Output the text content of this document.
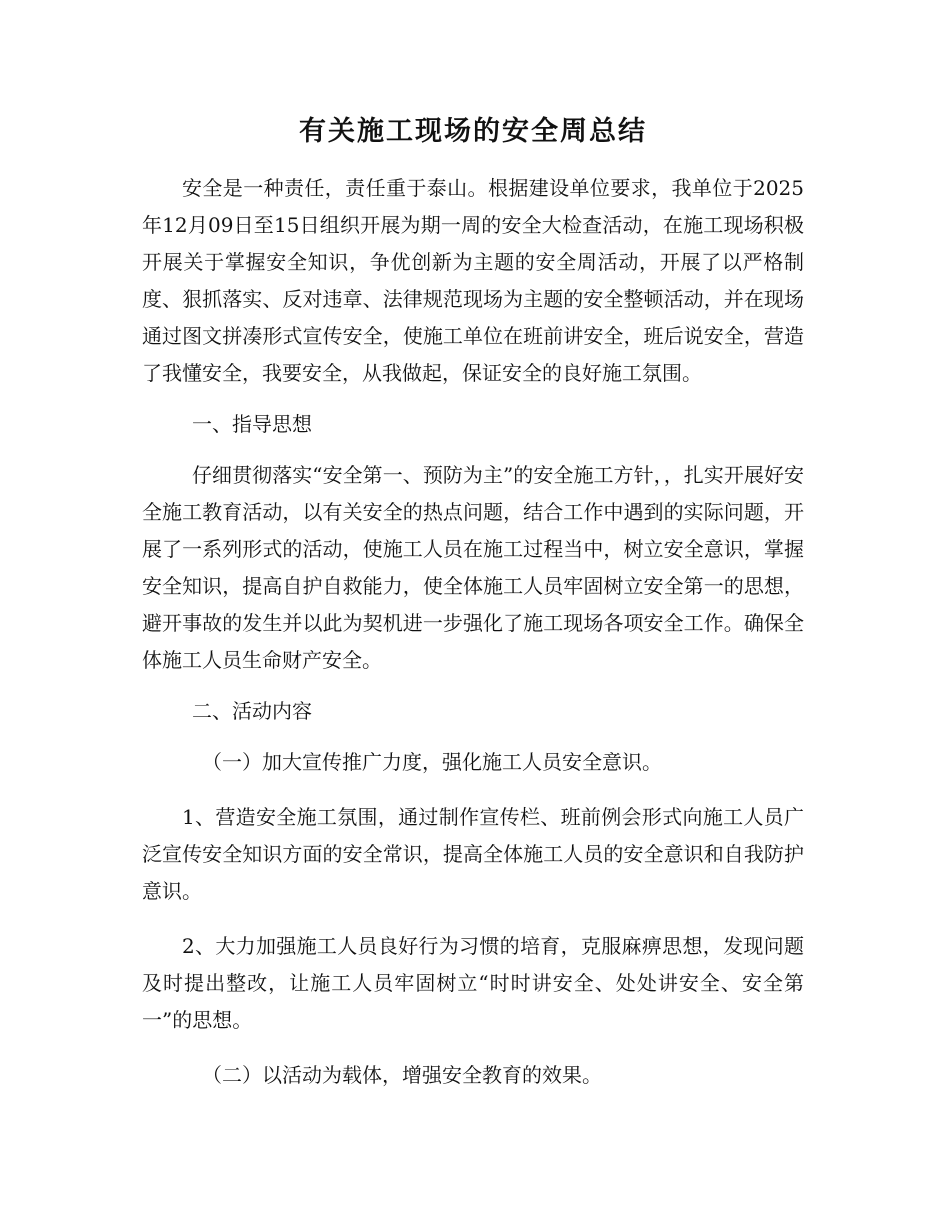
有关施工现场的安全周总结

安全是一种责任，责任重于泰山。根据建设单位要求，我单位于2025年12月09日至15日组织开展为期一周的安全大检查活动，在施工现场积极开展关于掌握安全知识，争优创新为主题的安全周活动，开展了以严格制度、狠抓落实、反对违章、法律规范现场为主题的安全整顿活动，并在现场通过图文拼凑形式宣传安全，使施工单位在班前讲安全，班后说安全，营造了我懂安全，我要安全，从我做起，保证安全的良好施工氛围。

一、指导思想

仔细贯彻落实“安全第一、预防为主”的安全施工方针，，扎实开展好安全施工教育活动，以有关安全的热点问题，结合工作中遇到的实际问题，开展了一系列形式的活动，使施工人员在施工过程当中，树立安全意识，掌握安全知识，提高自护自救能力，使全体施工人员牢固树立安全第一的思想，避开事故的发生并以此为契机进一步强化了施工现场各项安全工作。确保全体施工人员生命财产安全。

二、活动内容

（一）加大宣传推广力度，强化施工人员安全意识。

1、营造安全施工氛围，通过制作宣传栏、班前例会形式向施工人员广泛宣传安全知识方面的安全常识，提高全体施工人员的安全意识和自我防护意识。

2、大力加强施工人员良好行为习惯的培育，克服麻痹思想，发现问题及时提出整改，让施工人员牢固树立“时时讲安全、处处讲安全、安全第一”的思想。

（二）以活动为载体，增强安全教育的效果。
